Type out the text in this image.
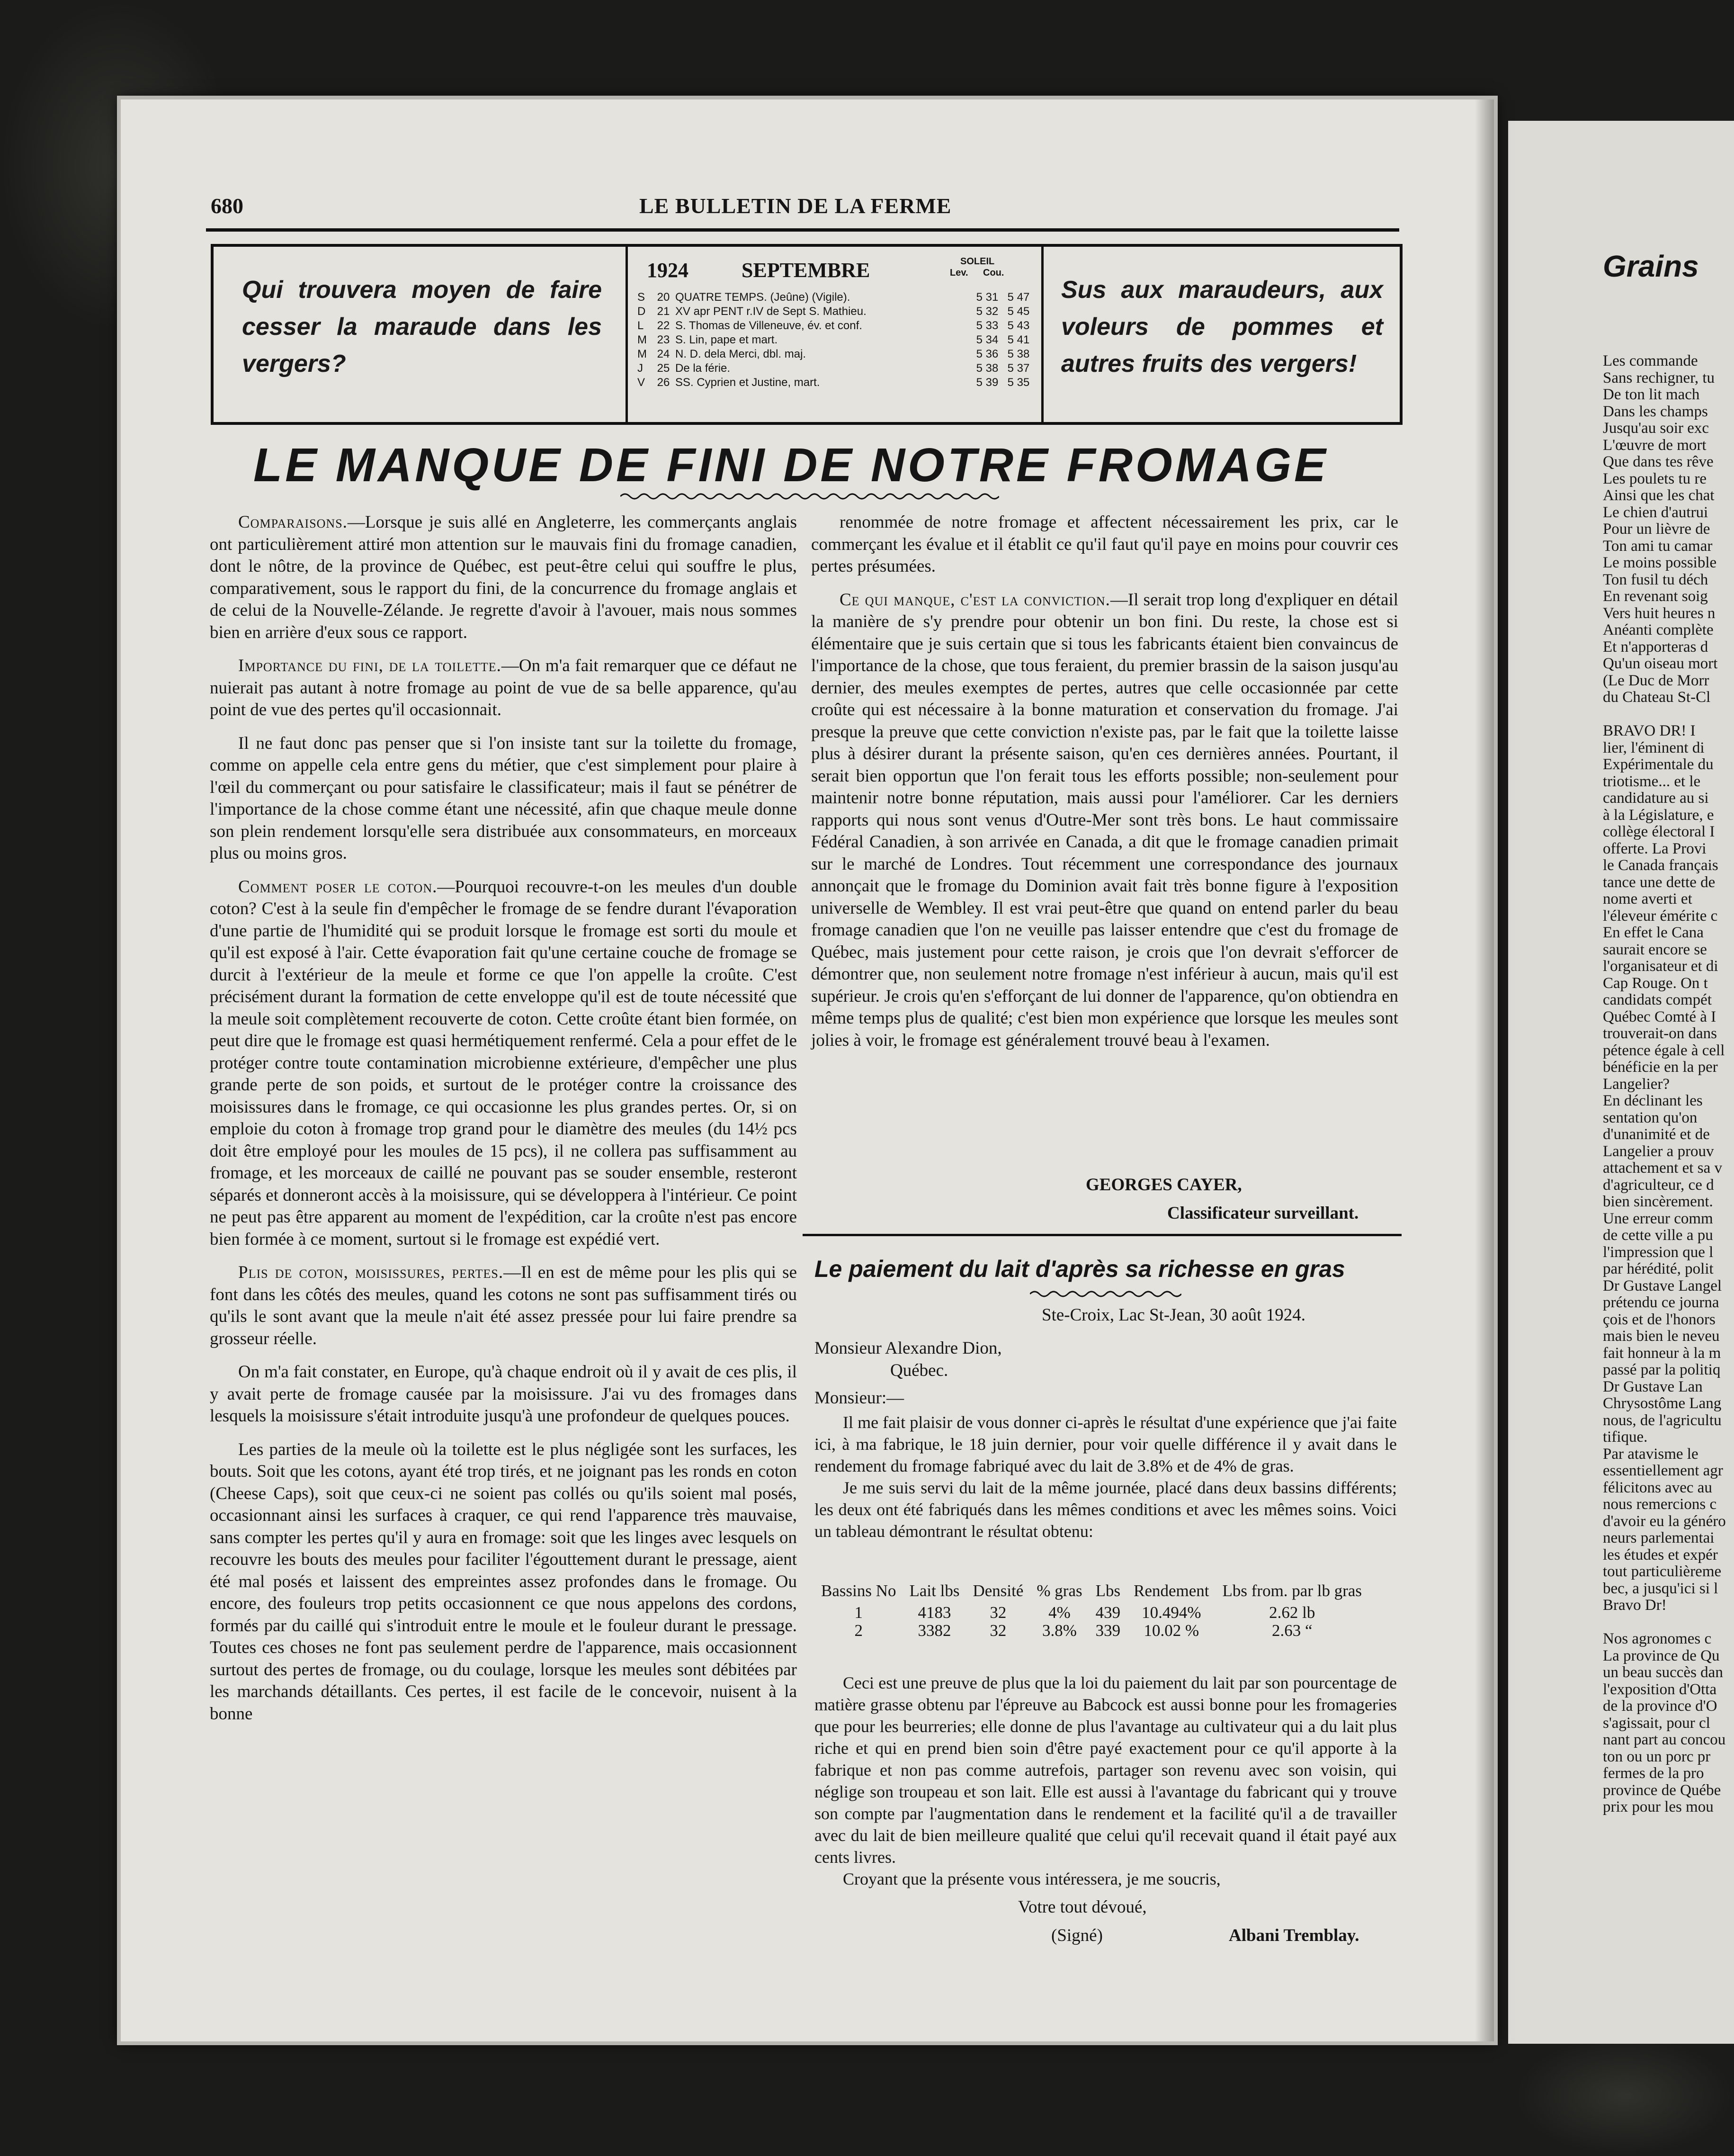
Grains
Les commande
Sans rechigner, tu
De ton lit mach
Dans les champs
Jusqu'au soir exc
L'œuvre de mort
Que dans tes rêve
Les poulets tu re
Ainsi que les chat
Le chien d'autrui
Pour un lièvre de
Ton ami tu camar
Le moins possible
Ton fusil tu déch
En revenant soig
Vers huit heures n
Anéanti complète
Et n'apporteras d
Qu'un oiseau mort
(Le Duc de Morr
du Chateau St-Cl
BRAVO DR! I
lier, l'éminent di
Expérimentale du
triotisme... et le
candidature au si
à la Législature, e
collège électoral I
offerte. La Provi
le Canada français
tance une dette de
nome averti et
l'éleveur émérite c
En effet le Cana
saurait encore se
l'organisateur et di
Cap Rouge. On t
candidats compét
Québec Comté à I
trouverait-on dans
pétence égale à cell
bénéficie en la per
Langelier?
En déclinant les
sentation qu'on
d'unanimité et de
Langelier a prouv
attachement et sa v
d'agriculteur, ce d
bien sincèrement.
Une erreur comm
de cette ville a pu
l'impression que l
par hérédité, polit
Dr Gustave Langel
prétendu ce journa
çois et de l'honors
mais bien le neveu
fait honneur à la m
passé par la politiq
Dr Gustave Lan
Chrysostôme Lang
nous, de l'agricultu
tifique.
Par atavisme le
essentiellement agr
félicitons avec au
nous remercions c
d'avoir eu la généro
neurs parlementai
les études et expér
tout particulièreme
bec, a jusqu'ici si l
Bravo Dr!
Nos agronomes c
La province de Qu
un beau succès dan
l'exposition d'Otta
de la province d'O
s'agissait, pour cl
nant part au concou
ton ou un porc pr
fermes de la pro
province de Québe
prix pour les mou
680	LE BULLETIN DE LA FERME
Qui trouvera moyen de faire cesser la maraude dans les vergers?
1924	SEPTEMBRE	SOLEIL
Lev. Cou.
S	20 QUATRE TEMPS. (Jeûne) (Vigile).	5 31 5 47
D	21 XV apr PENT r.IV de Sept S. Mathieu.	5 32 5 45
L	22 S. Thomas de Villeneuve, év. et conf.	5 33 5 43
M 23 S. Lin, pape et mart.	5 34 5 41
M 24 N. D. dela Merci, dbl. maj.	5 36 5 38
J	25 De la férie.	5 38 5 37
V	26 SS. Cyprien et Justine, mart.	5 39 5 35
Sus aux maraudeurs, aux voleurs de pommes et autres fruits des vergers!
LE MANQUE DE FINI DE NOTRE FROMAGE

Comparaisons.—Lorsque je suis allé en Angleterre, les commerçants anglais ont particulièrement attiré mon attention sur le mauvais fini du fromage canadien, dont le nôtre, de la province de Québec, est peut-être celui qui souffre le plus, comparativement, sous le rapport du fini, de la concurrence du fromage anglais et de celui de la Nouvelle-Zélande. Je regrette d'avoir à l'avouer, mais nous sommes bien en arrière d'eux sous ce rapport.

Importance du fini, de la toilette.—On m'a fait remarquer que ce défaut ne nuierait pas autant à notre fromage au point de vue de sa belle apparence, qu'au point de vue des pertes qu'il occasionnait.

Il ne faut donc pas penser que si l'on insiste tant sur la toilette du fromage, comme on appelle cela entre gens du métier, que c'est simplement pour plaire à l'œil du commerçant ou pour satisfaire le classificateur; mais il faut se pénétrer de l'importance de la chose comme étant une nécessité, afin que chaque meule donne son plein rendement lorsqu'elle sera distribuée aux consommateurs, en morceaux plus ou moins gros.

Comment poser le coton.—Pourquoi recouvre-t-on les meules d'un double coton? C'est à la seule fin d'empêcher le fromage de se fendre durant l'évaporation d'une partie de l'humidité qui se produit lorsque le fromage est sorti du moule et qu'il est exposé à l'air. Cette évaporation fait qu'une certaine couche de fromage se durcit à l'extérieur de la meule et forme ce que l'on appelle la croûte. C'est précisément durant la formation de cette enveloppe qu'il est de toute nécessité que la meule soit complètement recouverte de coton. Cette croûte étant bien formée, on peut dire que le fromage est quasi hermétiquement renfermé. Cela a pour effet de le protéger contre toute contamination microbienne extérieure, d'empêcher une plus grande perte de son poids, et surtout de le protéger contre la croissance des moisissures dans le fromage, ce qui occasionne les plus grandes pertes. Or, si on emploie du coton à fromage trop grand pour le diamètre des meules (du 14½ pcs doit être employé pour les moules de 15 pcs), il ne collera pas suffisamment au fromage, et les morceaux de caillé ne pouvant pas se souder ensemble, resteront séparés et donneront accès à la moisissure, qui se développera à l'intérieur. Ce point ne peut pas être apparent au moment de l'expédition, car la croûte n'est pas encore bien formée à ce moment, surtout si le fromage est expédié vert.

Plis de coton, moisissures, pertes.—Il en est de même pour les plis qui se font dans les côtés des meules, quand les cotons ne sont pas suffisamment tirés ou qu'ils le sont avant que la meule n'ait été assez pressée pour lui faire prendre sa grosseur réelle.

On m'a fait constater, en Europe, qu'à chaque endroit où il y avait de ces plis, il y avait perte de fromage causée par la moisissure. J'ai vu des fromages dans lesquels la moisissure s'était introduite jusqu'à une profondeur de quelques pouces.

Les parties de la meule où la toilette est le plus négligée sont les surfaces, les bouts. Soit que les cotons, ayant été trop tirés, et ne joignant pas les ronds en coton (Cheese Caps), soit que ceux-ci ne soient pas collés ou qu'ils soient mal posés, occasionnant ainsi les surfaces à craquer, ce qui rend l'apparence très mauvaise, sans compter les pertes qu'il y aura en fromage: soit que les linges avec lesquels on recouvre les bouts des meules pour faciliter l'égouttement durant le pressage, aient été mal posés et laissent des empreintes assez profondes dans le fromage. Ou encore, des fouleurs trop petits occasionnent ce que nous appelons des cordons, formés par du caillé qui s'introduit entre le moule et le fouleur durant le pressage. Toutes ces choses ne font pas seulement perdre de l'apparence, mais occasionnent surtout des pertes de fromage, ou du coulage, lorsque les meules sont débitées par les marchands détaillants. Ces pertes, il est facile de le concevoir, nuisent à la bonne

renommée de notre fromage et affectent nécessairement les prix, car le commerçant les évalue et il établit ce qu'il faut qu'il paye en moins pour couvrir ces pertes présumées.

Ce qui manque, c'est la conviction.—Il serait trop long d'expliquer en détail la manière de s'y prendre pour obtenir un bon fini. Du reste, la chose est si élémentaire que je suis certain que si tous les fabricants étaient bien convaincus de l'importance de la chose, que tous feraient, du premier brassin de la saison jusqu'au dernier, des meules exemptes de pertes, autres que celle occasionnée par cette croûte qui est nécessaire à la bonne maturation et conservation du fromage. J'ai presque la preuve que cette conviction n'existe pas, par le fait que la toilette laisse plus à désirer durant la présente saison, qu'en ces dernières années. Pourtant, il serait bien opportun que l'on ferait tous les efforts possible; non-seulement pour maintenir notre bonne réputation, mais aussi pour l'améliorer. Car les derniers rapports qui nous sont venus d'Outre-Mer sont très bons. Le haut commissaire Fédéral Canadien, à son arrivée en Canada, a dit que le fromage canadien primait sur le marché de Londres. Tout récemment une correspondance des journaux annonçait que le fromage du Dominion avait fait très bonne figure à l'exposition universelle de Wembley. Il est vrai peut-être que quand on entend parler du beau fromage canadien que l'on ne veuille pas laisser entendre que c'est du fromage de Québec, mais justement pour cette raison, je crois que l'on devrait s'efforcer de démontrer que, non seulement notre fromage n'est inférieur à aucun, mais qu'il est supérieur. Je crois qu'en s'efforçant de lui donner de l'apparence, qu'on obtiendra en même temps plus de qualité; c'est bien mon expérience que lorsque les meules sont jolies à voir, le fromage est généralement trouvé beau à l'examen.

GEORGES CAYER,
Classificateur surveillant.
Le paiement du lait d'après sa richesse en gras
Ste-Croix, Lac St-Jean, 30 août 1924.
Monsieur Alexandre Dion,
Québec.
Monsieur:—

Il me fait plaisir de vous donner ci-après le résultat d'une expérience que j'ai faite ici, à ma fabrique, le 18 juin dernier, pour voir quelle différence il y avait dans le rendement du fromage fabriqué avec du lait de 3.8% et de 4% de gras.

Je me suis servi du lait de la même journée, placé dans deux bassins différents; les deux ont été fabriqués dans les mêmes conditions et avec les mêmes soins. Voici un tableau démontrant le résultat obtenu:

Bassins No	Lait lbs	Densité	% gras	Lbs	Rendement	Lbs from. par lb gras
1	4183	32	4%	439	10.494%	2.62 lb
2	3382	32	3.8%	339	10.02 %	2.63 “

Ceci est une preuve de plus que la loi du paiement du lait par son pourcentage de matière grasse obtenu par l'épreuve au Babcock est aussi bonne pour les fromageries que pour les beurreries; elle donne de plus l'avantage au cultivateur qui a du lait plus riche et qui en prend bien soin d'être payé exactement pour ce qu'il apporte à la fabrique et non pas comme autrefois, partager son revenu avec son voisin, qui néglige son troupeau et son lait. Elle est aussi à l'avantage du fabricant qui y trouve son compte par l'augmentation dans le rendement et la facilité qu'il a de travailler avec du lait de bien meilleure qualité que celui qu'il recevait quand il était payé aux cents livres.

Croyant que la présente vous intéressera, je me soucris,

Votre tout dévoué,
(Signé)	Albani Tremblay.
